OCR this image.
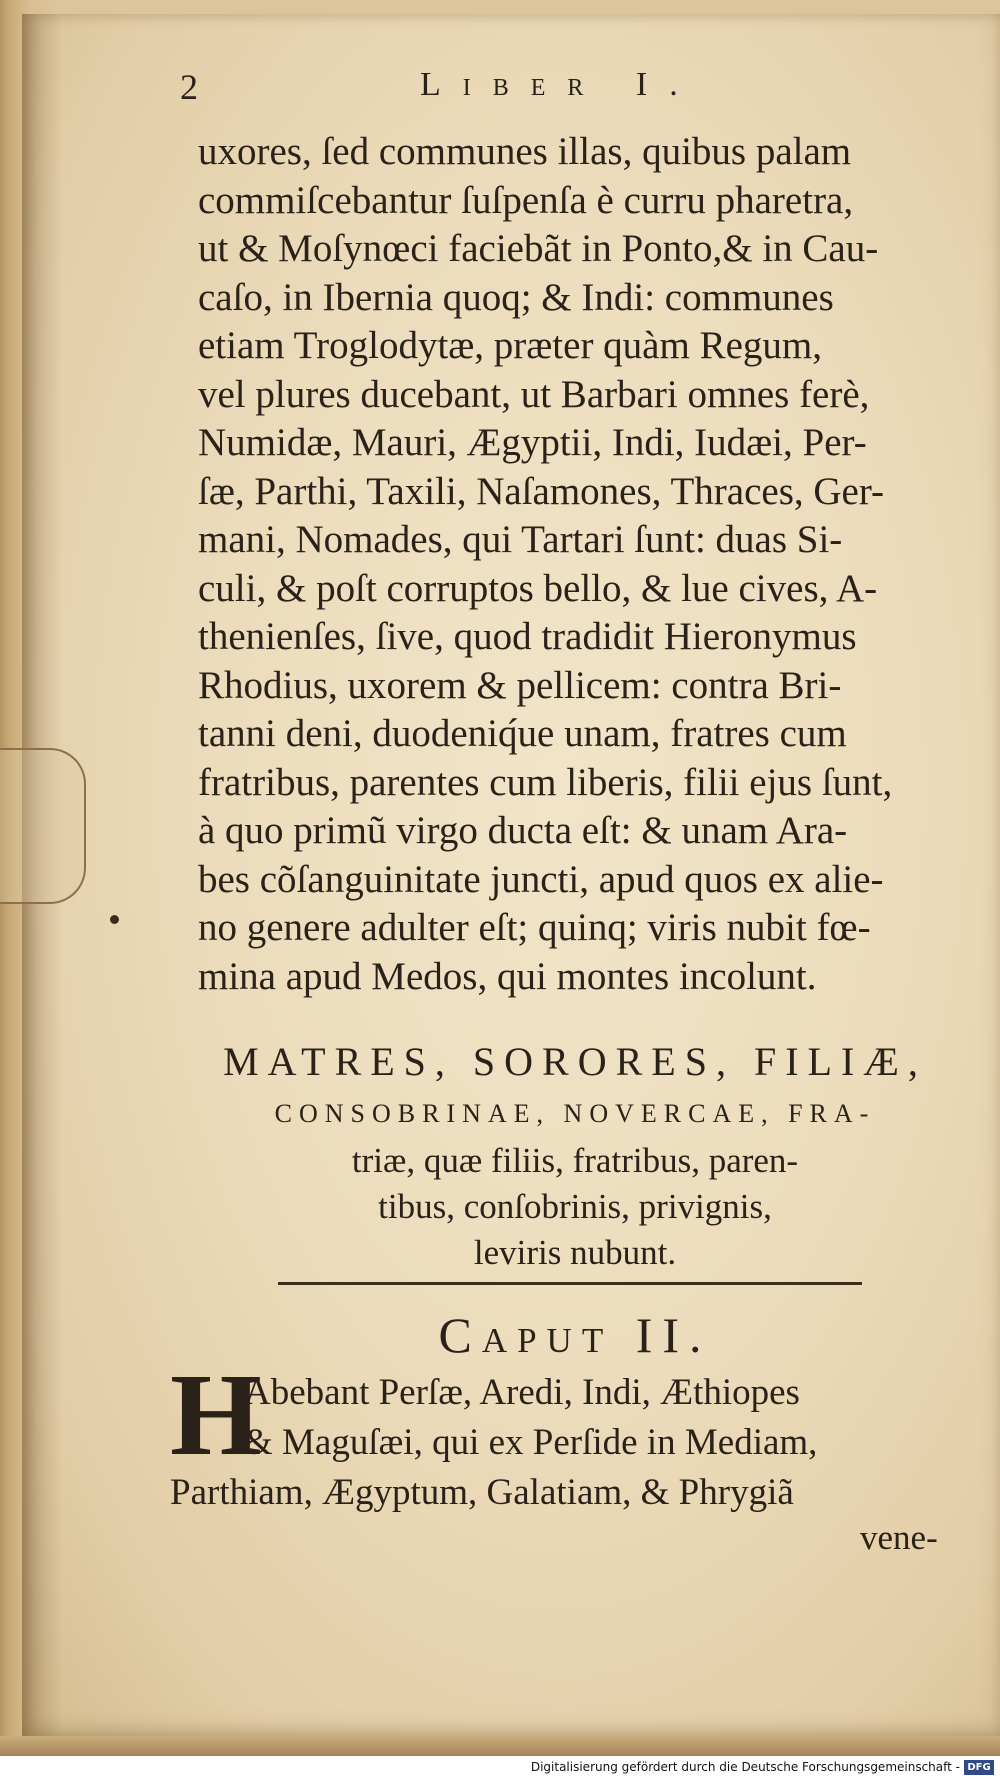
2	Liber I.
uxores, ſed communes illas, quibus palam
commiſcebantur ſuſpenſa è curru pharetra,
ut & Moſynœci faciebãt in Ponto,& in Cau-
caſo, in Ibernia quoq; & Indi: communes
etiam Troglodytæ, præter quàm Regum,
vel plures ducebant, ut Barbari omnes ferè,
Numidæ, Mauri, Ægyptii, Indi, Iudæi, Per-
ſæ, Parthi, Taxili, Naſamones, Thraces, Ger-
mani, Nomades, qui Tartari ſunt: duas Si-
culi, & poſt corruptos bello, & lue cives, A-
thenienſes, ſive, quod tradidit Hieronymus
Rhodius, uxorem & pellicem: contra Bri-
tanni deni, duodeniq́ue unam, fratres cum
fratribus, parentes cum liberis, filii ejus ſunt,
à quo primũ virgo ducta eſt: & unam Ara-
bes cõſanguinitate juncti, apud quos ex alie-
no genere adulter eſt; quinq; viris nubit fœ-
mina apud Medos, qui montes incolunt.
MATRES, SORORES, FILIÆ,
CONSOBRINAE, NOVERCAE, FRA-
triæ, quæ filiis, fratribus, paren-
tibus, conſobrinis, privignis,
leviris nubunt.
Caput II.
H
Abebant Perſæ, Aredi, Indi, Æthiopes
& Maguſæi, qui ex Perſide in Mediam,
Parthiam, Ægyptum, Galatiam, & Phrygiã
vene-
Digitalisierung gefördert durch die Deutsche Forschungsgemeinschaft - DFG
